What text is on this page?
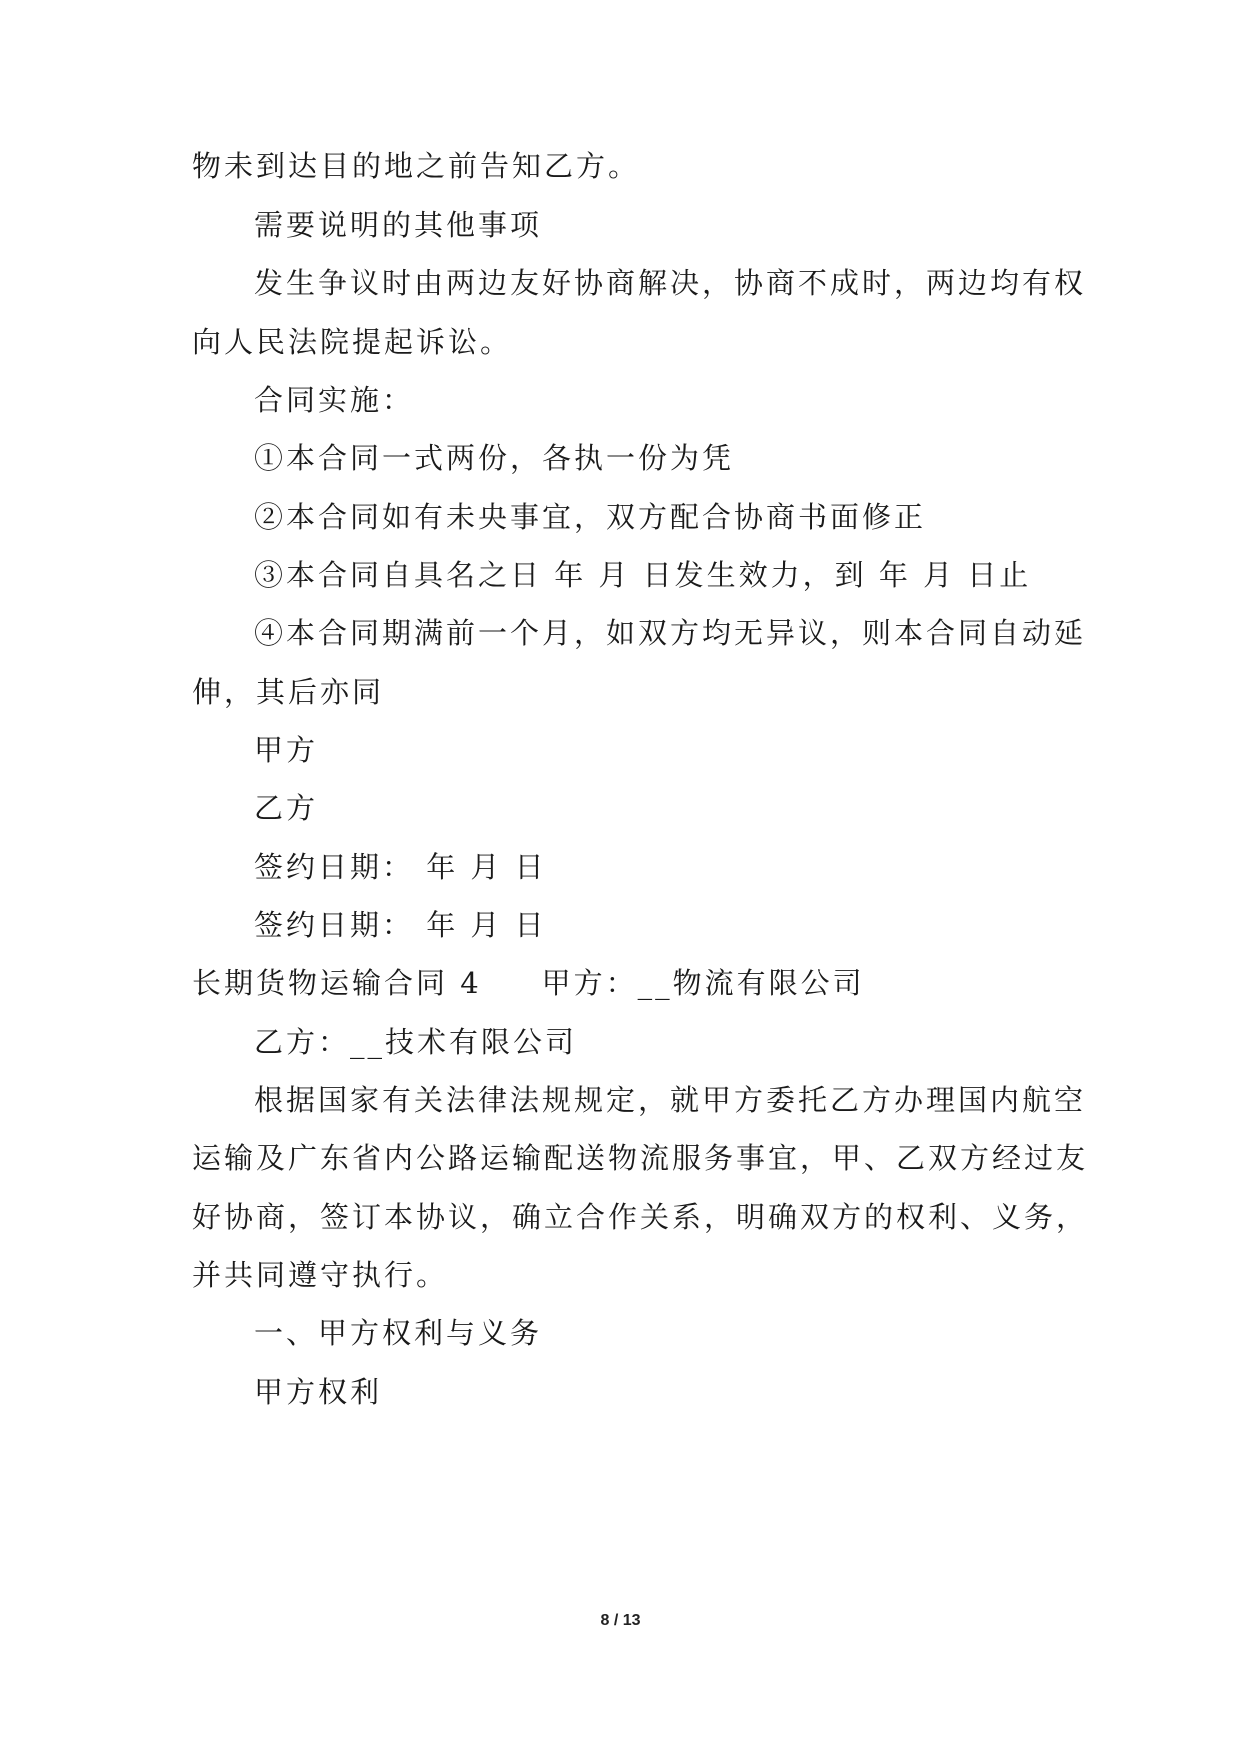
物未到达目的地之前告知乙方。
需要说明的其他事项
发生争议时由两边友好协商解决，协商不成时，两边均有权
向人民法院提起诉讼。
合同实施：
①本合同一式两份，各执一份为凭
②本合同如有未央事宜，双方配合协商书面修正
③本合同自具名之日 年 月 日发生效力，到 年 月 日止
④本合同期满前一个月，如双方均无异议，则本合同自动延
伸，其后亦同
甲方
乙方
签约日期： 年 月 日
签约日期： 年 月 日
长期货物运输合同 4 甲方：__物流有限公司
乙方：__技术有限公司
根据国家有关法律法规规定，就甲方委托乙方办理国内航空
运输及广东省内公路运输配送物流服务事宜，甲、乙双方经过友
好协商，签订本协议，确立合作关系，明确双方的权利、义务，
并共同遵守执行。
一、甲方权利与义务
甲方权利
8 / 13
